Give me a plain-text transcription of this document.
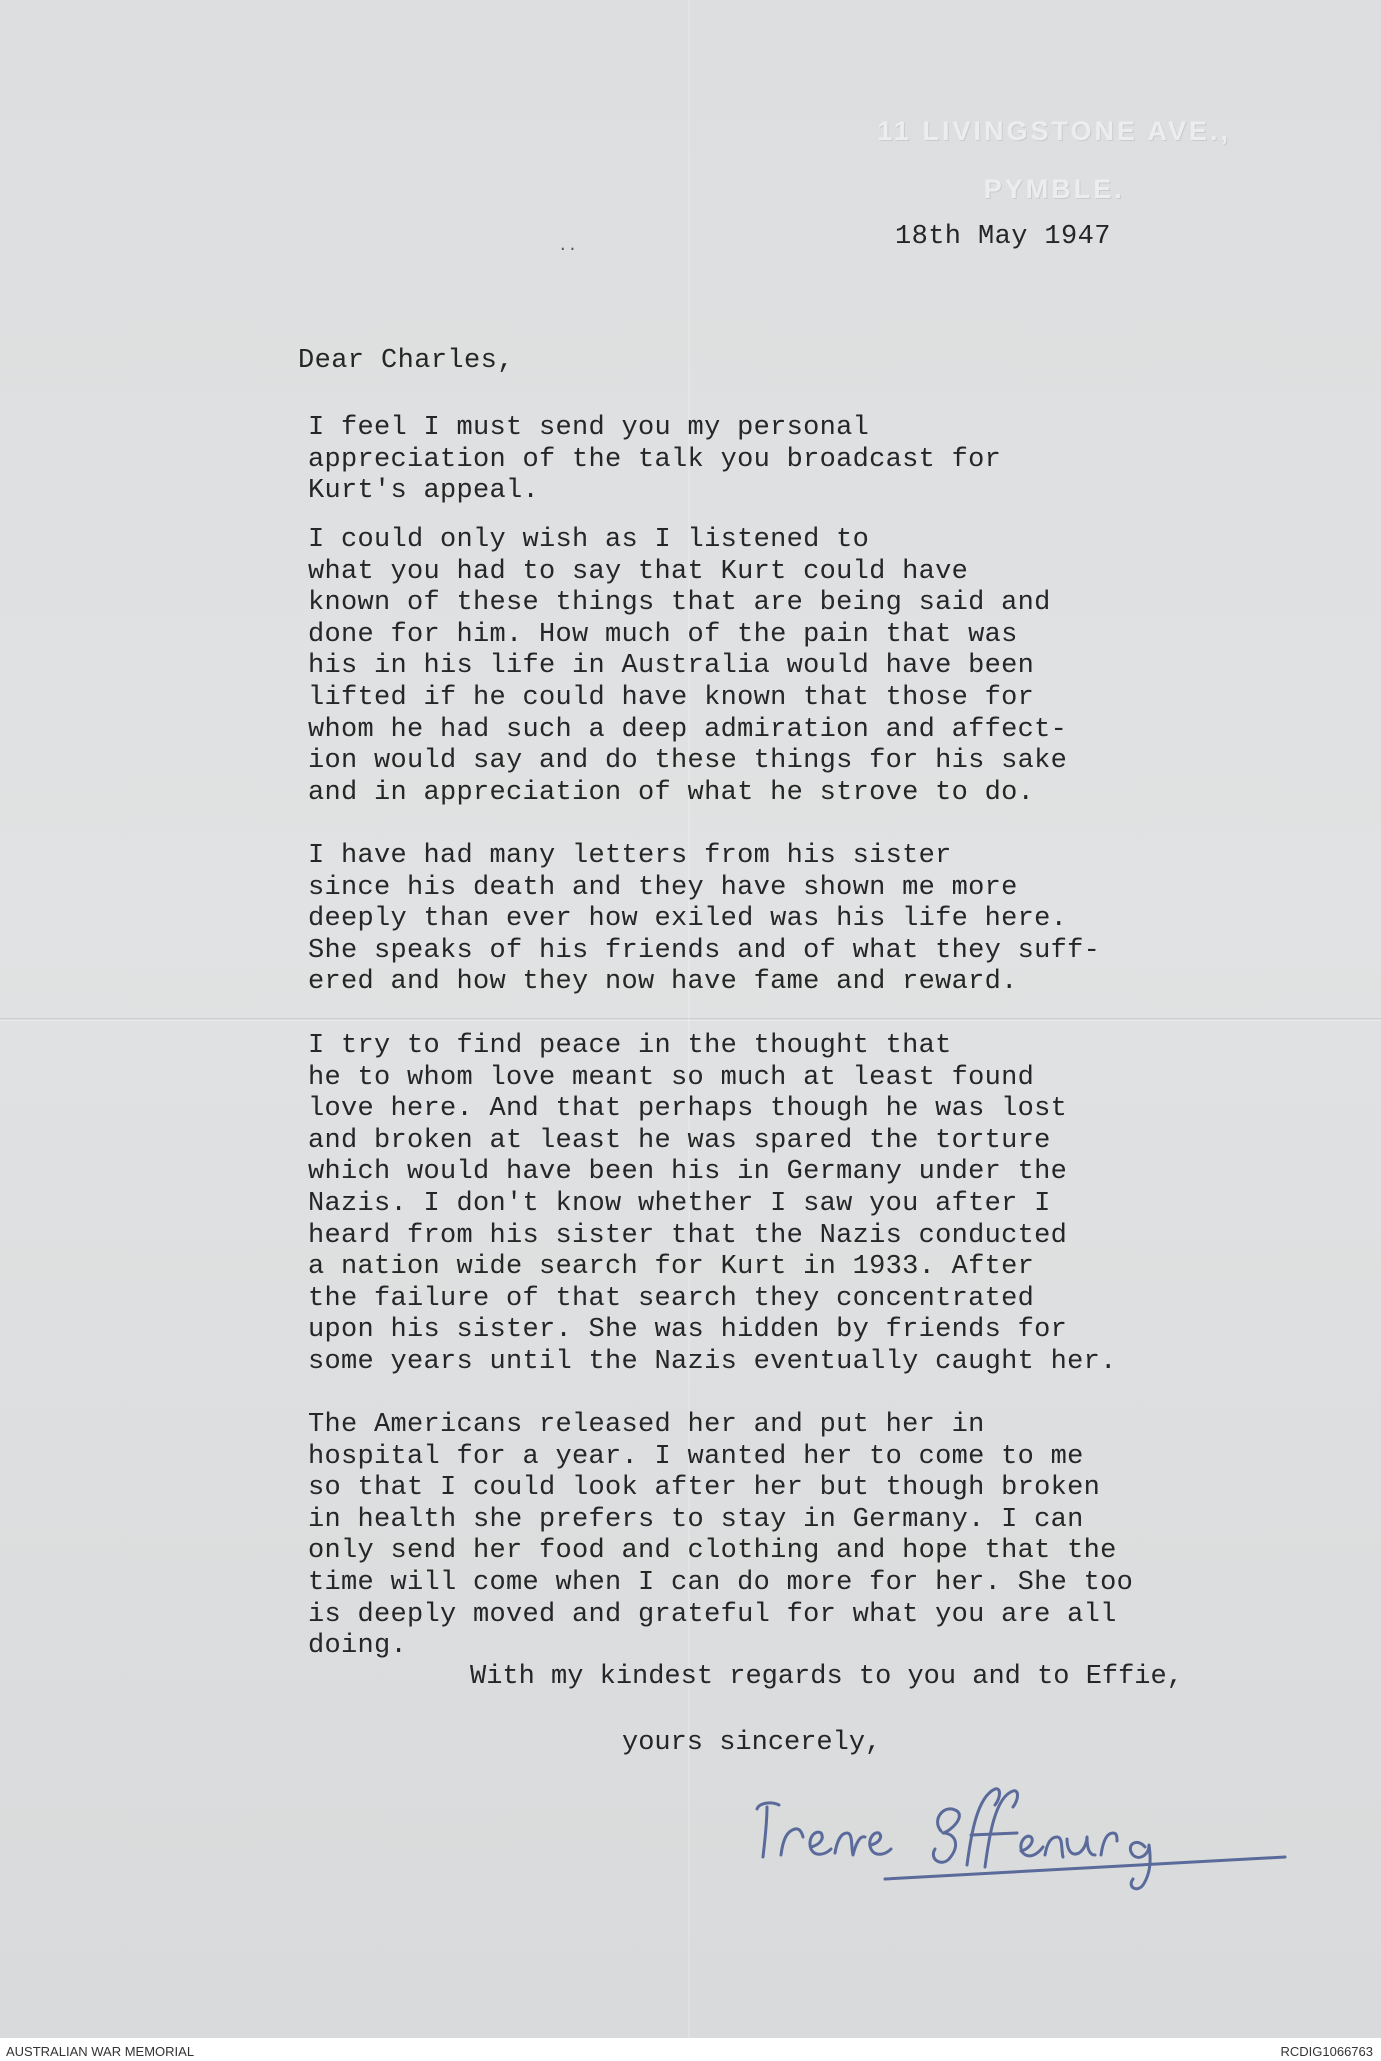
11 LIVINGSTONE AVE.,
PYMBLE.
··	18th May 1947
Dear Charles,
I feel I must send you my personal
appreciation of the talk you broadcast for
Kurt's appeal.
I could only wish as I listened to
what you had to say that Kurt could have
known of these things that are being said and
done for him. How much of the pain that was
his in his life in Australia would have been
lifted if he could have known that those for
whom he had such a deep admiration and affect-
ion would say and do these things for his sake
and in appreciation of what he strove to do.
I have had many letters from his sister
since his death and they have shown me more
deeply than ever how exiled was his life here.
She speaks of his friends and of what they suff-
ered and how they now have fame and reward.
I try to find peace in the thought that
he to whom love meant so much at least found
love here. And that perhaps though he was lost
and broken at least he was spared the torture
which would have been his in Germany under the
Nazis. I don't know whether I saw you after I
heard from his sister that the Nazis conducted
a nation wide search for Kurt in 1933. After
the failure of that search they concentrated
upon his sister. She was hidden by friends for
some years until the Nazis eventually caught her.
The Americans released her and put her in
hospital for a year. I wanted her to come to me
so that I could look after her but though broken
in health she prefers to stay in Germany. I can
only send her food and clothing and hope that the
time will come when I can do more for her. She too
is deeply moved and grateful for what you are all
doing.
With my kindest regards to you and to Effie,
yours sincerely,
AUSTRALIAN WAR MEMORIAL	RCDIG1066763
